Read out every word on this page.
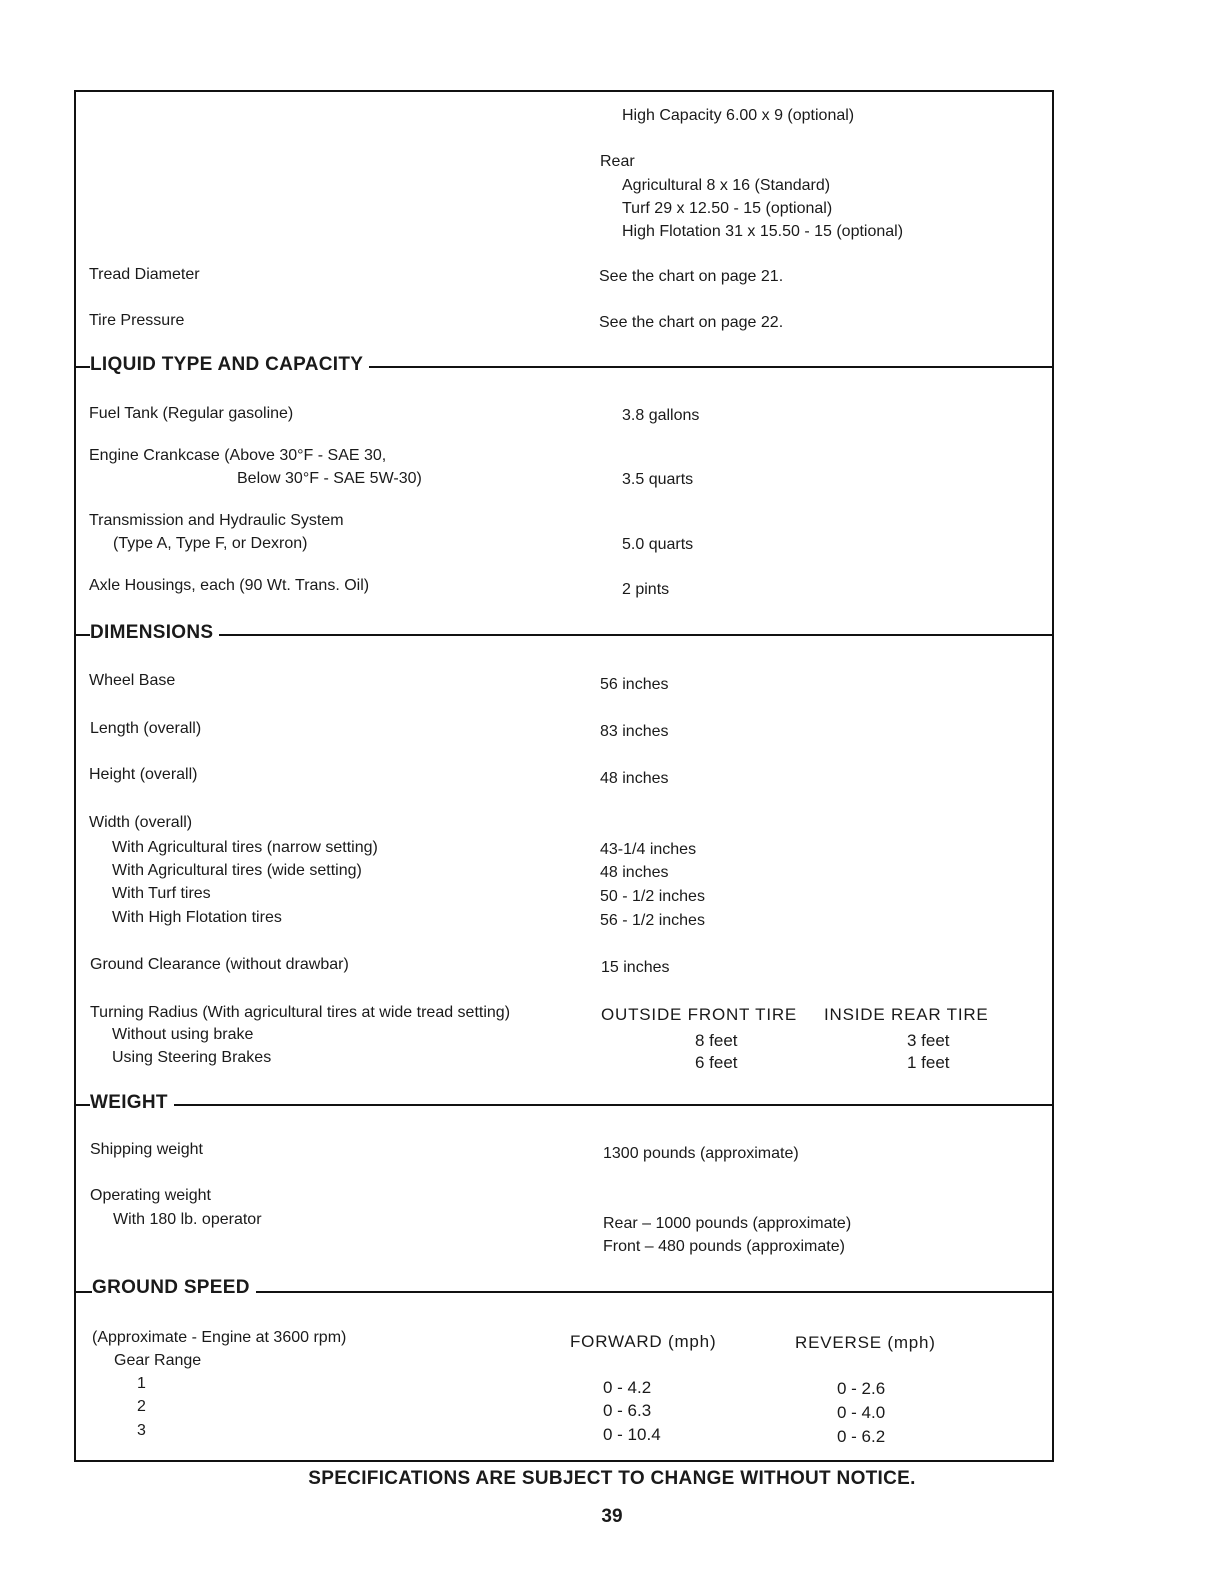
High Capacity 6.00 x 9 (optional)
Rear
Agricultural 8 x 16 (Standard)
Turf 29 x 12.50 - 15 (optional)
High Flotation 31 x 15.50 - 15 (optional)
Tread Diameter	See the chart on page 21.
Tire Pressure	See the chart on page 22.
LIQUID TYPE AND CAPACITY
Fuel Tank (Regular gasoline)	3.8 gallons
Engine Crankcase (Above 30°F - SAE 30,
Below 30°F - SAE 5W-30)	3.5 quarts
Transmission and Hydraulic System
(Type A, Type F, or Dexron)	5.0 quarts
Axle Housings, each (90 Wt. Trans. Oil)	2 pints
DIMENSIONS
Wheel Base	56 inches
Length (overall)	83 inches
Height (overall)	48 inches
Width (overall)
With Agricultural tires (narrow setting)	43-1/4 inches
With Agricultural tires (wide setting)	48 inches
With Turf tires	50 - 1/2 inches
With High Flotation tires	56 - 1/2 inches
Ground Clearance (without drawbar)	15 inches
Turning Radius (With agricultural tires at wide tread setting)	OUTSIDE FRONT TIRE INSIDE REAR TIRE
Without using brake	8 feet	3 feet
Using Steering Brakes	6 feet	1 feet
WEIGHT
Shipping weight	1300 pounds (approximate)
Operating weight
With 180 lb. operator	Rear – 1000 pounds (approximate)
Front – 480 pounds (approximate)
GROUND SPEED
(Approximate - Engine at 3600 rpm)
Gear Range
FORWARD (mph)	REVERSE (mph)
1	0 - 4.2	0 - 2.6
2	0 - 6.3	0 - 4.0
3	0 - 10.4	0 - 6.2
SPECIFICATIONS ARE SUBJECT TO CHANGE WITHOUT NOTICE.
39
